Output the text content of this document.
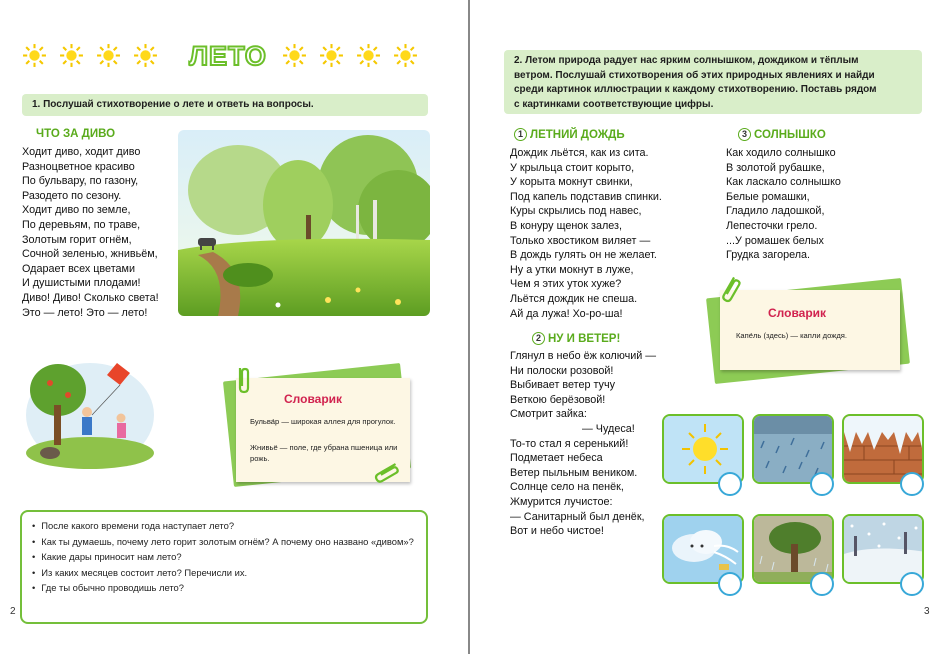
ЛЕТО
1. Послушай стихотворение о лете и ответь на вопросы.
ЧТО ЗА ДИВО
Ходит диво, ходит диво
Разноцветное красиво
По бульвару, по газону,
Разодето по сезону.
Ходит диво по земле,
По деревьям, по траве,
Золотым горит огнём,
Сочной зеленью, жнивьём,
Одарает всех цветами
И душистыми плодами!
Диво! Диво! Сколько света!
Это — лето! Это — лето!
Словарик
Бульва́р — широкая аллея для прогулок.
Жнивьё — поле, где убрана пшеница или рожь.
• После какого времени года наступает лето?
• Как ты думаешь, почему лето горит золотым огнём? А почему оно названо «дивом»?
• Какие дары приносит нам лето?
• Из каких месяцев состоит лето? Перечисли их.
• Где ты обычно проводишь лето?
2
2. Летом природа радует нас ярким солнышком, дождиком и тёплым
ветром. Послушай стихотворения об этих природных явлениях и найди
среди картинок иллюстрации к каждому стихотворению. Поставь рядом
с картинками соответствующие цифры.
1 ЛЕТНИЙ ДОЖДЬ
Дождик льётся, как из сита.
У крыльца стоит корыто,
У корыта мокнут свинки,
Под капель подставив спинки.
Куры скрылись под навес,
В конуру щенок залез,
Только хвостиком виляет —
В дождь гулять он не желает.
Ну а утки мокнут в луже,
Чем я этих уток хуже?
Льётся дождик не спеша.
Ай да лужа! Хо-ро-ша!
3 СОЛНЫШКО
Как ходило солнышко
В золотой рубашке,
Как ласкало солнышко
Белые ромашки,
Гладило ладошкой,
Лепесточки грело.
...У ромашек белых
Грудка загорела.
2 НУ И ВЕТЕР!
Глянул в небо ёж колючий —
Ни полоски розовой!
Выбивает ветер тучу
Веткою берёзовой!
Смотрит зайка:
— Чудеса!
То-то стал я серенький!
Подметает небеса
Ветер пыльным веником.
Солнце село на пенёк,
Жмурится лучистое:
— Санитарный был денёк,
Вот и небо чистое!
Словарик
Капе́ль (здесь) — капли дождя.
3
